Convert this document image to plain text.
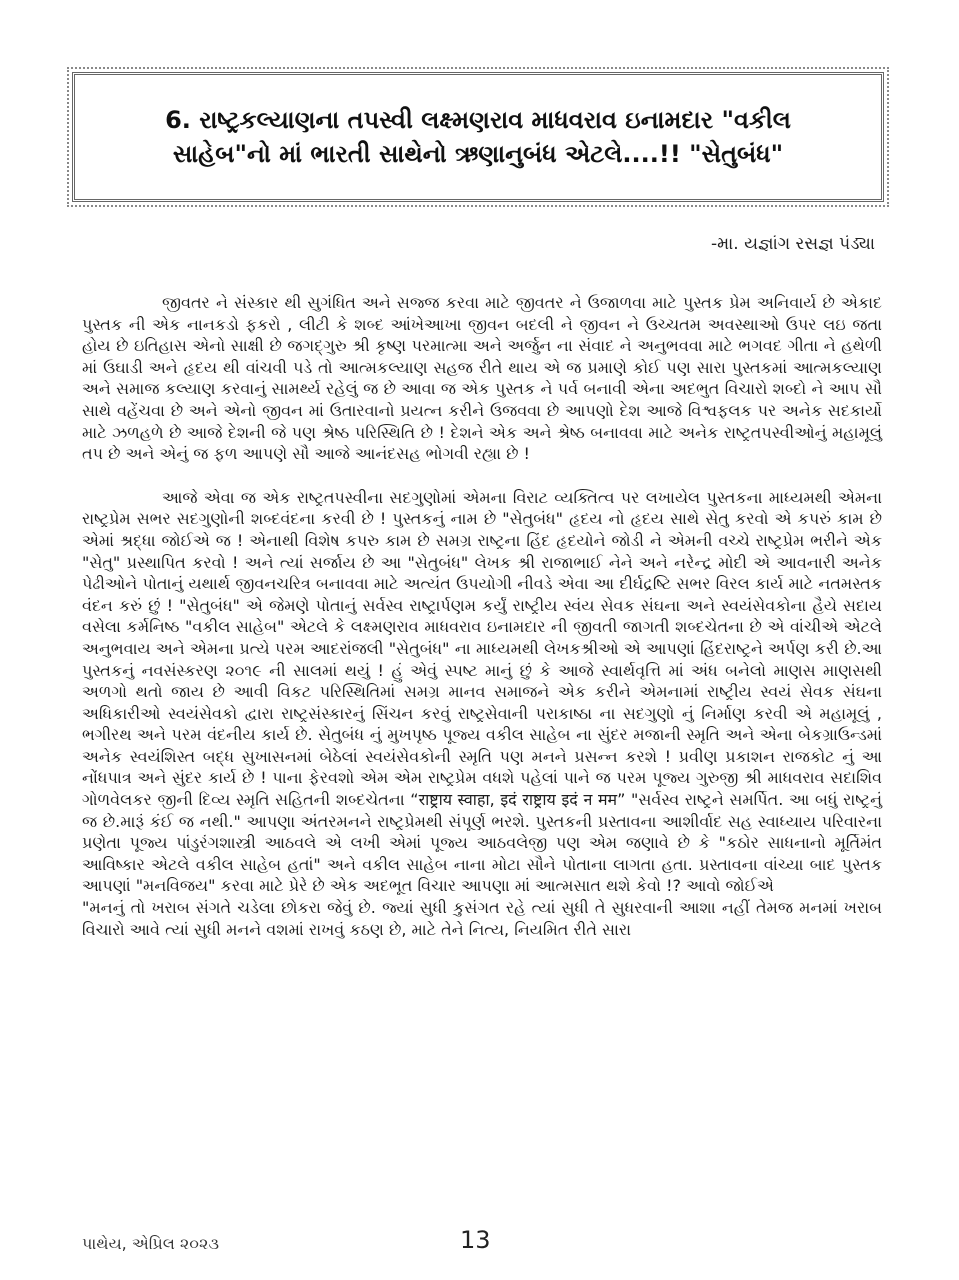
6. રાષ્ટ્રકલ્યાણના તપસ્વી લક્ષ્મણરાવ માધવરાવ ઇનામદાર "વકીલ
સાહેબ"નો માં ભારતી સાથેનો ઋણાનુબંધ એટલે....!! "સેતુબંધ"
-મા. યજ્ઞાંગ રસજ્ઞ પંડ્યા

જીવતર ને સંસ્કાર થી સુગંધિત અને સજ્જ કરવા માટે જીવતર ને ઉજાળવા માટે પુસ્તક પ્રેમ અનિવાર્ય છે એકાદ પુસ્તક ની એક નાનકડો ફકરો , લીટી કે શબ્દ આંખેઆખા જીવન બદલી ને જીવન ને ઉચ્ચતમ અવસ્થાઓ ઉપર લઇ જતા હોય છે ઇતિહાસ એનો સાક્ષી છે જગદ્ગુરુ શ્રી કૃષ્ણ પરમાત્મા અને અર્જુન ના સંવાદ ને અનુભવવા માટે ભગવદ ગીતા ને હથેળી માં ઉઘાડી અને હૃદય થી વાંચવી પડે તો આત્મકલ્યાણ સહજ રીતે થાય એ જ પ્રમાણે કોઈ પણ સારા પુસ્તકમાં આત્મકલ્યાણ અને સમાજ કલ્યાણ કરવાનું સામર્થ્ય રહેલું જ છે આવા જ એક પુસ્તક ને પર્વ બનાવી એના અદભુત વિચારો શબ્દો ને આપ સૌ સાથે વહેંચવા છે અને એનો જીવન માં ઉતારવાનો પ્રયત્ન કરીને ઉજવવા છે આપણો દેશ આજે વિશ્વફલક પર અનેક સદકાર્યો માટે ઝળહળે છે આજે દેશની જે પણ શ્રેષ્ઠ પરિસ્થિતિ છે ! દેશને એક અને શ્રેષ્ઠ બનાવવા માટે અનેક રાષ્ટ્રતપસ્વીઓનું મહામૂલું તપ છે અને એનું જ ફળ આપણે સૌ આજે આનંદસહ ભોગવી રહ્યા છે !

આજે એવા જ એક રાષ્ટ્રતપસ્વીના સદગુણોમાં એમના વિરાટ વ્યક્તિત્વ પર લખાયેલ પુસ્તકના માધ્યમથી એમના રાષ્ટ્રપ્રેમ સભર સદગુણોની શબ્દવંદના કરવી છે ! પુસ્તકનું નામ છે "સેતુબંધ" હૃદય નો હૃદય સાથે સેતુ કરવો એ કપરું કામ છે એમાં શ્રદ્ધા જોઈએ જ ! એનાથી વિશેષ કપરુ કામ છે સમગ્ર રાષ્ટ્રના હિંદ હૃદયોને જોડી ને એમની વચ્ચે રાષ્ટ્રપ્રેમ ભરીને એક "સેતુ" પ્રસ્થાપિત કરવો ! અને ત્યાં સર્જાય છે આ "સેતુબંધ" લેખક શ્રી રાજાભાઈ નેને અને નરેન્દ્ર મોદી એ આવનારી અનેક પેઢીઓને પોતાનું યથાર્થ જીવનચરિત્ર બનાવવા માટે અત્યંત ઉપયોગી નીવડે એવા આ દીર્ઘદ્રષ્ટિ સભર વિરલ કાર્ય માટે નતમસ્તક વંદન કરું છું ! "સેતુબંધ" એ જેમણે પોતાનું સર્વસ્વ રાષ્ટ્રાર્પણમ કર્યું રાષ્ટ્રીય સ્વંય સેવક સંઘના અને સ્વયંસેવકોના હૈયે સદાય વસેલા કર્મનિષ્ઠ "વકીલ સાહેબ" એટલે કે લક્ષ્મણરાવ માધવરાવ ઇનામદાર ની જીવતી જાગતી શબ્દચેતના છે એ વાંચીએ એટલે અનુભવાય અને એમના પ્રત્યે પરમ આદરાંજલી "સેતુબંધ" ના માધ્યમથી લેખકશ્રીઓ એ આપણાં હિંદરાષ્ટ્રને અર્પણ કરી છે.આ પુસ્તકનું નવસંસ્કરણ ૨૦૧૯ ની સાલમાં થયું ! હું એવું સ્પષ્ટ માનું છું કે આજે સ્વાર્થવૃત્તિ માં અંધ બનેલો માણસ માણસથી અળગો થતો જાય છે આવી વિકટ પરિસ્થિતિમાં સમગ્ર માનવ સમાજને એક કરીને એમનામાં રાષ્ટ્રીય સ્વયં સેવક સંઘના અધિકારીઓ સ્વયંસેવકો દ્વારા રાષ્ટ્રસંસ્કારનું સિંચન કરવું રાષ્ટ્રસેવાની પરાકાષ્ઠા ના સદગુણો નું નિર્માણ કરવી એ મહામૂલું , ભગીરથ અને પરમ વંદનીય કાર્ય છે. સેતુબંધ નું મુખપૃષ્ઠ પૂજ્ય વકીલ સાહેબ ના સુંદર મજાની સ્મૃતિ અને એના બેકગ્રાઉન્ડમાં અનેક સ્વયંશિસ્ત બદ્ધ સુખાસનમાં બેઠેલાં સ્વયંસેવકોની સ્મૃતિ પણ મનને પ્રસન્ન કરશે ! પ્રવીણ પ્રકાશન રાજકોટ નું આ નોંધપાત્ર અને સુંદર કાર્ય છે ! પાના ફેરવશો એમ એમ રાષ્ટ્રપ્રેમ વધશે પહેલાં પાને જ પરમ પૂજ્ય ગુરુજી શ્રી માધવરાવ સદાશિવ ગોળવેલકર જીની દિવ્ય સ્મૃતિ સહિતની શબ્દચેતના “राष्ट्राय स्वाहा, इदं राष्ट्राय इदं न मम” "સર્વસ્વ રાષ્ટ્રને સમર્પિત. આ બધું રાષ્ટ્રનું જ છે.મારૂં કંઈ જ નથી." આપણા અંતરમનને રાષ્ટ્રપ્રેમથી સંપૂર્ણ ભરશે. પુસ્તકની પ્રસ્તાવના આશીર્વાદ સહ સ્વાધ્યાય પરિવારના પ્રણેતા પૂજ્ય પાંડુરંગશાસ્ત્રી આઠવલે એ લખી એમાં પૂજ્ય આઠવલેજી પણ એમ જણાવે છે કે "કઠોર સાધનાનો મૂર્તિમંત આવિષ્કાર એટલે વકીલ સાહેબ હતાં" અને વકીલ સાહેબ નાના મોટા સૌને પોતાના લાગતા હતા. પ્રસ્તાવના વાંચ્યા બાદ પુસ્તક આપણાં "મનવિજય" કરવા માટે પ્રેરે છે એક અદભૂત વિચાર આપણા માં આત્મસાત થશે કેવો !? આવો જોઈએ

"મનનું તો ખરાબ સંગતે ચડેલા છોકરા જેવું છે. જ્યાં સુધી કુસંગત રહે ત્યાં સુધી તે સુધરવાની આશા નહીં તેમજ મનમાં ખરાબ વિચારો આવે ત્યાં સુધી મનને વશમાં રાખવું કઠણ છે, માટે તેને નિત્ય, નિયમિત રીતે સારા

પાથેય, એપ્રિલ ૨૦૨૩	13
